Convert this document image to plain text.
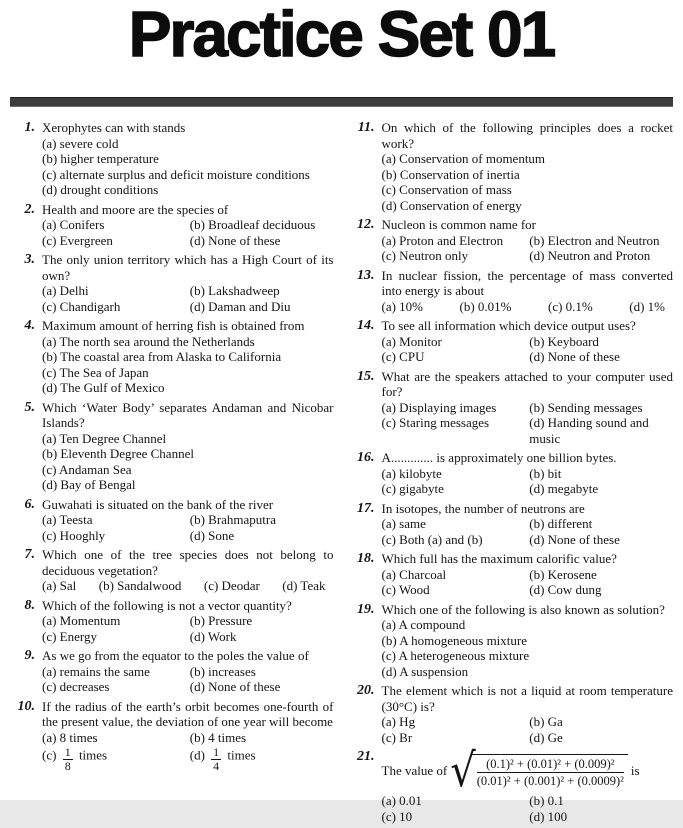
Practice Set 01
1. Xerophytes can with stands
(a) severe cold
(b) higher temperature
(c) alternate surplus and deficit moisture conditions
(d) drought conditions
2. Health and moore are the species of
(a) Conifers	(b) Broadleaf deciduous
(c) Evergreen	(d) None of these
3. The only union territory which has a High Court of its own?
(a) Delhi	(b) Lakshadweep
(c) Chandigarh	(d) Daman and Diu
4. Maximum amount of herring fish is obtained from
(a) The north sea around the Netherlands
(b) The coastal area from Alaska to California
(c) The Sea of Japan
(d) The Gulf of Mexico
5. Which ‘Water Body’ separates Andaman and Nicobar Islands?
(a) Ten Degree Channel
(b) Eleventh Degree Channel
(c) Andaman Sea
(d) Bay of Bengal
6. Guwahati is situated on the bank of the river
(a) Teesta	(b) Brahmaputra
(c) Hooghly	(d) Sone
7. Which one of the tree species does not belong to deciduous vegetation?
(a) Sal (b) Sandalwood (c) Deodar (d) Teak
8. Which of the following is not a vector quantity?
(a) Momentum	(b) Pressure
(c) Energy	(d) Work
9. As we go from the equator to the poles the value of
(a) remains the same	(b) increases
(c) decreases	(d) None of these
10. If the radius of the earth’s orbit becomes one-fourth of the present value, the deviation of one year will become
(a) 8 times	(b) 4 times
$(c) \frac{1}{8}$ times	$(d) \frac{1}{4}$ times
11. On which of the following principles does a rocket work?
(a) Conservation of momentum
(b) Conservation of inertia
(c) Conservation of mass
(d) Conservation of energy
12. Nucleon is common name for
(a) Proton and Electron	(b) Electron and Neutron
(c) Neutron only	(d) Neutron and Proton
13. In nuclear fission, the percentage of mass converted into energy is about
(a) 10%	(b) 0.01%	(c) 0.1%	(d) 1%
14. To see all information which device output uses?
(a) Monitor	(b) Keyboard
(c) CPU	(d) None of these
15. What are the speakers attached to your computer used for?
(a) Displaying images	(b) Sending messages
(c) Staring messages	(d) Handing sound and music
16. A............. is approximately one billion bytes.
(a) kilobyte	(b) bit
(c) gigabyte	(d) megabyte
17. In isotopes, the number of neutrons are
(a) same	(b) different
(c) Both (a) and (b)	(d) None of these
18. Which full has the maximum calorific value?
(a) Charcoal	(b) Kerosene
(c) Wood	(d) Cow dung
19. Which one of the following is also known as solution?
(a) A compound
(b) A homogeneous mixture
(c) A heterogeneous mixture
(d) A suspension
20. The element which is not a liquid at room temperature (30°C) is?
(a) Hg	(b) Ga
(c) Br	(d) Ge
21.
The value of √ (0.1)² + (0.01)² + (0.009)²
(0.01)² + (0.001)² + (0.0009)²
is
(a) 0.01	(b) 0.1
(c) 10	(d) 100
